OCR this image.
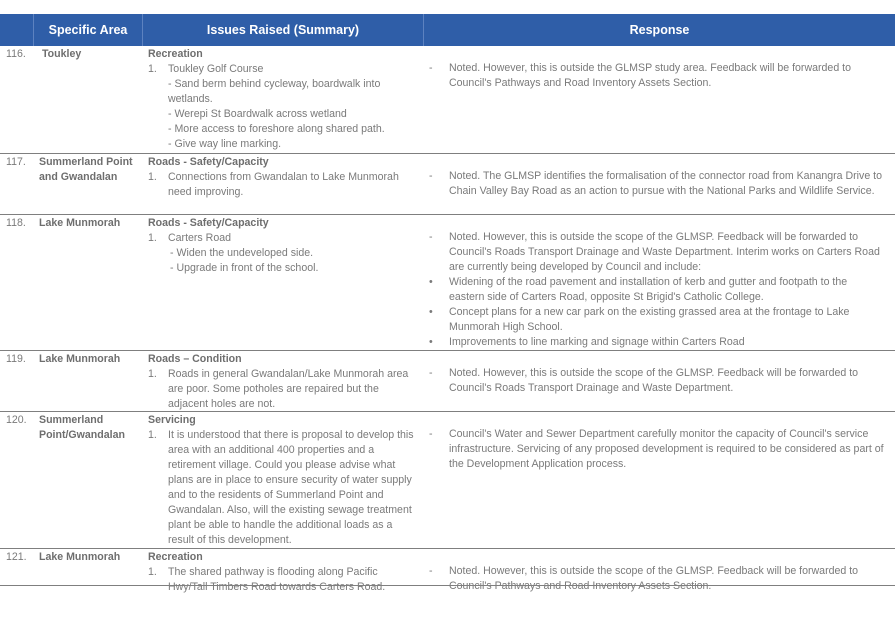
Specific Area	Issues Raised (Summary)	Response
116.	Toukley	Recreation
1.	Toukley Golf Course
- Sand berm behind cycleway, boardwalk into
wetlands.
- Werepi St Boardwalk across wetland
- More access to foreshore along shared path.
- Give way line marking.
-	Noted. However, this is outside the GLMSP study area. Feedback will be forwarded to Council's Pathways and Road Inventory Assets Section.
117.	Summerland Point and Gwandalan
Roads - Safety/Capacity
1.	Connections from Gwandalan to Lake Munmorah need improving.
-	Noted. The GLMSP identifies the formalisation of the connector road from Kanangra Drive to Chain Valley Bay Road as an action to pursue with the National Parks and Wildlife Service.
118.	Lake Munmorah	Roads - Safety/Capacity
1.	Carters Road
- Widen the undeveloped side.
- Upgrade in front of the school.
-	Noted. However, this is outside the scope of the GLMSP. Feedback will be forwarded to Council's Roads Transport Drainage and Waste Department. Interim works on Carters Road are currently being developed by Council and include:
•	Widening of the road pavement and installation of kerb and gutter and footpath to the eastern side of Carters Road, opposite St Brigid's Catholic College.
•	Concept plans for a new car park on the existing grassed area at the frontage to Lake Munmorah High School.
•	Improvements to line marking and signage within Carters Road
119.	Lake Munmorah	Roads – Condition
1.	Roads in general Gwandalan/Lake Munmorah area are poor. Some potholes are repaired but the adjacent holes are not.
-	Noted. However, this is outside the scope of the GLMSP. Feedback will be forwarded to Council's Roads Transport Drainage and Waste Department.
120.	Summerland Point/Gwandalan
Servicing
1.	It is understood that there is proposal to develop this area with an additional 400 properties and a retirement village. Could you please advise what plans are in place to ensure security of water supply and to the residents of Summerland Point and Gwandalan. Also, will the existing sewage treatment plant be able to handle the additional loads as a result of this development.
-	Council's Water and Sewer Department carefully monitor the capacity of Council's service infrastructure. Servicing of any proposed development is required to be considered as part of the Development Application process.
121.	Lake Munmorah	Recreation
1.	The shared pathway is flooding along Pacific Hwy/Tall Timbers Road towards Carters Road.
-	Noted. However, this is outside the scope of the GLMSP. Feedback will be forwarded to Council's Pathways and Road Inventory Assets Section.
